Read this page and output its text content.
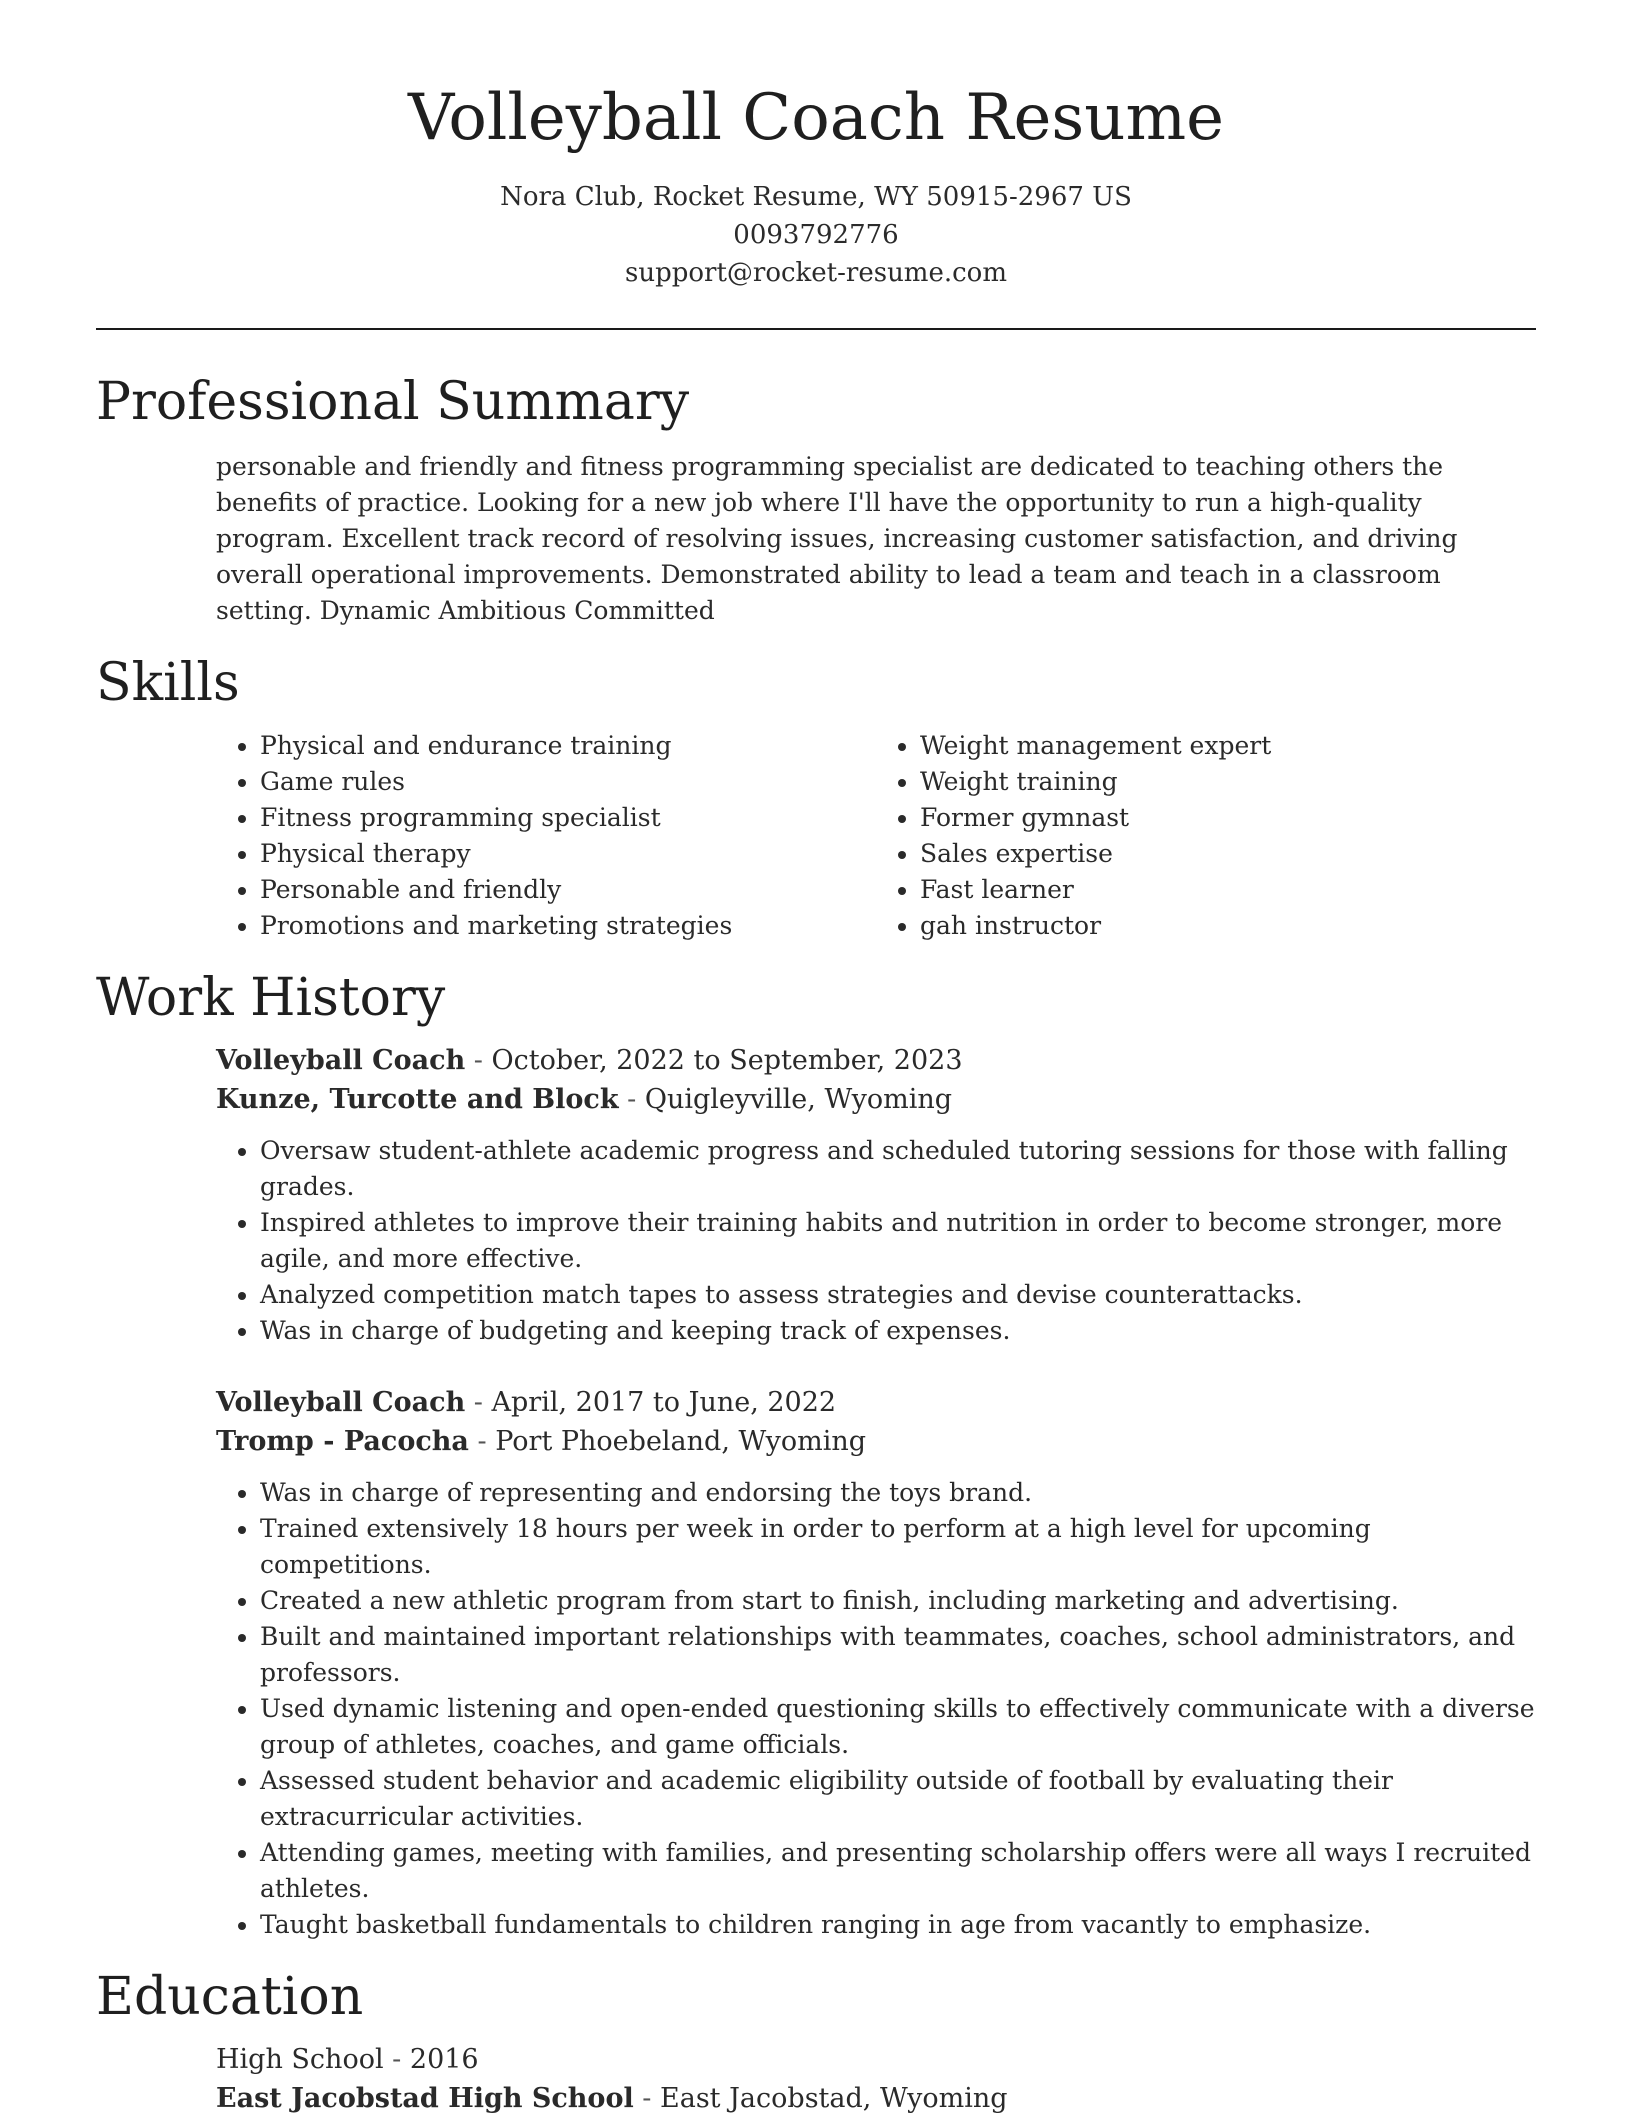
Volleyball Coach Resume
Nora Club, Rocket Resume, WY 50915-2967 US
0093792776
support@rocket-resume.com
Professional Summary
personable and friendly and fitness programming specialist are dedicated to teaching others the benefits of practice. Looking for a new job where I'll have the opportunity to run a high-quality program. Excellent track record of resolving issues, increasing customer satisfaction, and driving overall operational improvements. Demonstrated ability to lead a team and teach in a classroom setting. Dynamic Ambitious Committed
Skills
• Physical and endurance training
• Game rules
• Fitness programming specialist
• Physical therapy
• Personable and friendly
• Promotions and marketing strategies
• Weight management expert
• Weight training
• Former gymnast
• Sales expertise
• Fast learner
• gah instructor
Work History
Volleyball Coach - October, 2022 to September, 2023
Kunze, Turcotte and Block - Quigleyville, Wyoming
• Oversaw student-athlete academic progress and scheduled tutoring sessions for those with falling grades.
• Inspired athletes to improve their training habits and nutrition in order to become stronger, more agile, and more effective.
• Analyzed competition match tapes to assess strategies and devise counterattacks.
• Was in charge of budgeting and keeping track of expenses.
Volleyball Coach - April, 2017 to June, 2022
Tromp - Pacocha - Port Phoebeland, Wyoming
• Was in charge of representing and endorsing the toys brand.
• Trained extensively 18 hours per week in order to perform at a high level for upcoming competitions.
• Created a new athletic program from start to finish, including marketing and advertising.
• Built and maintained important relationships with teammates, coaches, school administrators, and professors.
• Used dynamic listening and open-ended questioning skills to effectively communicate with a diverse group of athletes, coaches, and game officials.
• Assessed student behavior and academic eligibility outside of football by evaluating their extracurricular activities.
• Attending games, meeting with families, and presenting scholarship offers were all ways I recruited athletes.
• Taught basketball fundamentals to children ranging in age from vacantly to emphasize.
Education
High School - 2016
East Jacobstad High School - East Jacobstad, Wyoming
